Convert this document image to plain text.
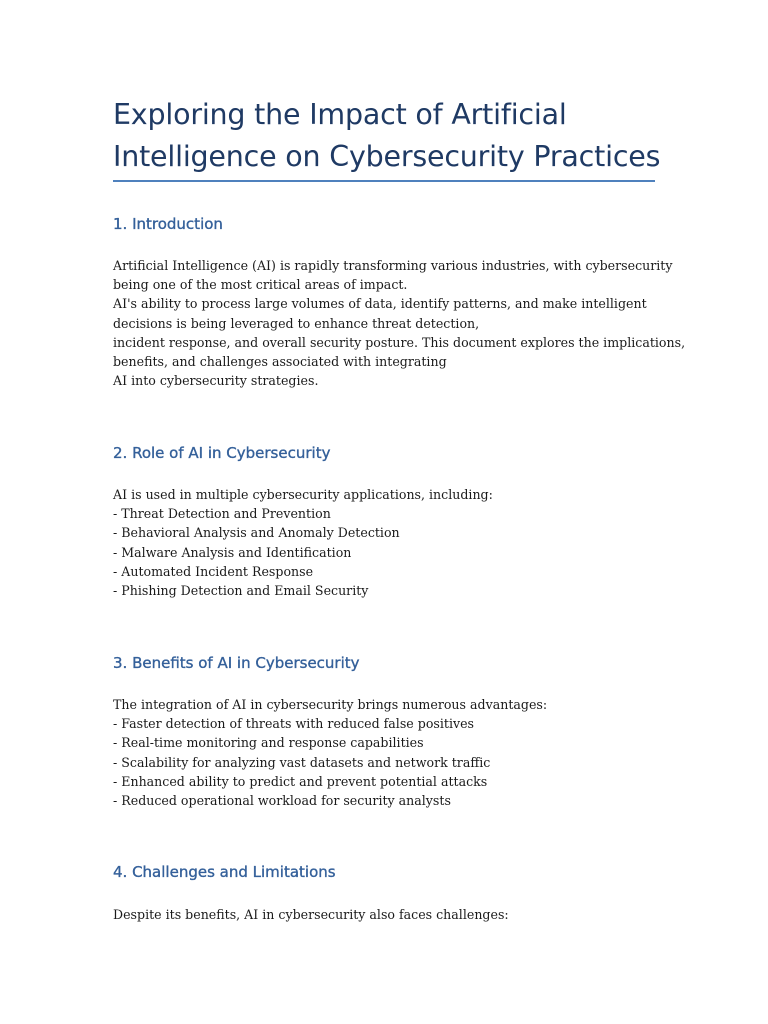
Exploring the Impact of Artificial
Intelligence on Cybersecurity Practices
1. Introduction
Artificial Intelligence (AI) is rapidly transforming various industries, with cybersecurity
being one of the most critical areas of impact.
AI's ability to process large volumes of data, identify patterns, and make intelligent
decisions is being leveraged to enhance threat detection,
incident response, and overall security posture. This document explores the implications,
benefits, and challenges associated with integrating
AI into cybersecurity strategies.
2. Role of AI in Cybersecurity
AI is used in multiple cybersecurity applications, including:
- Threat Detection and Prevention
- Behavioral Analysis and Anomaly Detection
- Malware Analysis and Identification
- Automated Incident Response
- Phishing Detection and Email Security
3. Benefits of AI in Cybersecurity
The integration of AI in cybersecurity brings numerous advantages:
- Faster detection of threats with reduced false positives
- Real-time monitoring and response capabilities
- Scalability for analyzing vast datasets and network traffic
- Enhanced ability to predict and prevent potential attacks
- Reduced operational workload for security analysts
4. Challenges and Limitations
Despite its benefits, AI in cybersecurity also faces challenges:
